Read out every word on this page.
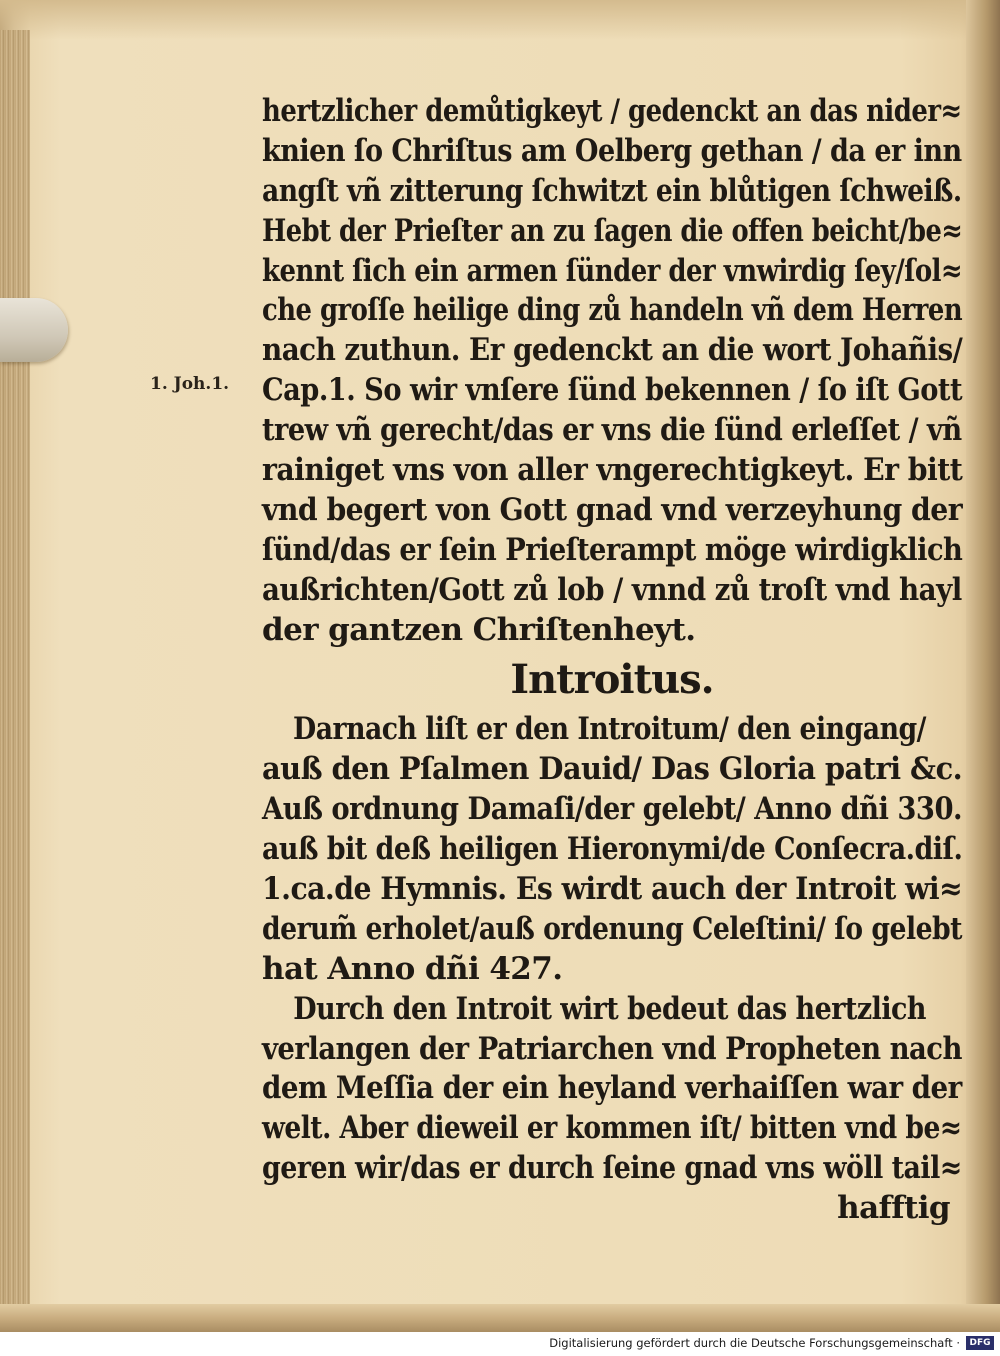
1. Joh.1.
hertzlicher demůtigkeyt / gedenckt an das nider≈
knien ſo Chriſtus am Oelberg gethan / da er inn
angſt vñ zitterung ſchwitzt ein blůtigen ſchweiß.
Hebt der Prieſter an zu ſagen die offen beicht/be≈
kennt ſich ein armen ſünder der vnwirdig ſey/ſol≈
che groſſe heilige ding zů handeln vñ dem Herren
nach zuthun. Er gedenckt an die wort Johañis/
Cap.1. So wir vnſere ſünd bekennen / ſo iſt Gott
trew vñ gerecht/das er vns die ſünd erleſſet / vñ
rainiget vns von aller vngerechtigkeyt. Er bitt
vnd begert von Gott gnad vnd verzeyhung der
ſünd/das er ſein Prieſterampt möge wirdigklich
außrichten/Gott zů lob / vnnd zů troſt vnd hayl
der gantzen Chriſtenheyt.
Introitus.
Darnach liſt er den Introitum/ den eingang/
auß den Pſalmen Dauid/ Das Gloria patri &c.
Auß ordnung Damaſi/der gelebt/ Anno dñi 330.
auß bit deß heiligen Hieronymi/de Conſecra.diſ.
1.ca.de Hymnis. Es wirdt auch der Introit wi≈
derum̃ erholet/auß ordenung Celeſtini/ ſo gelebt
hat Anno dñi 427.
Durch den Introit wirt bedeut das hertzlich
verlangen der Patriarchen vnd Propheten nach
dem Meſſia der ein heyland verhaiſſen war der
welt. Aber dieweil er kommen iſt/ bitten vnd be≈
geren wir/das er durch ſeine gnad vns wöll tail≈
hafftig
Digitalisierung gefördert durch die Deutsche Forschungsgemeinschaft ·	DFG
